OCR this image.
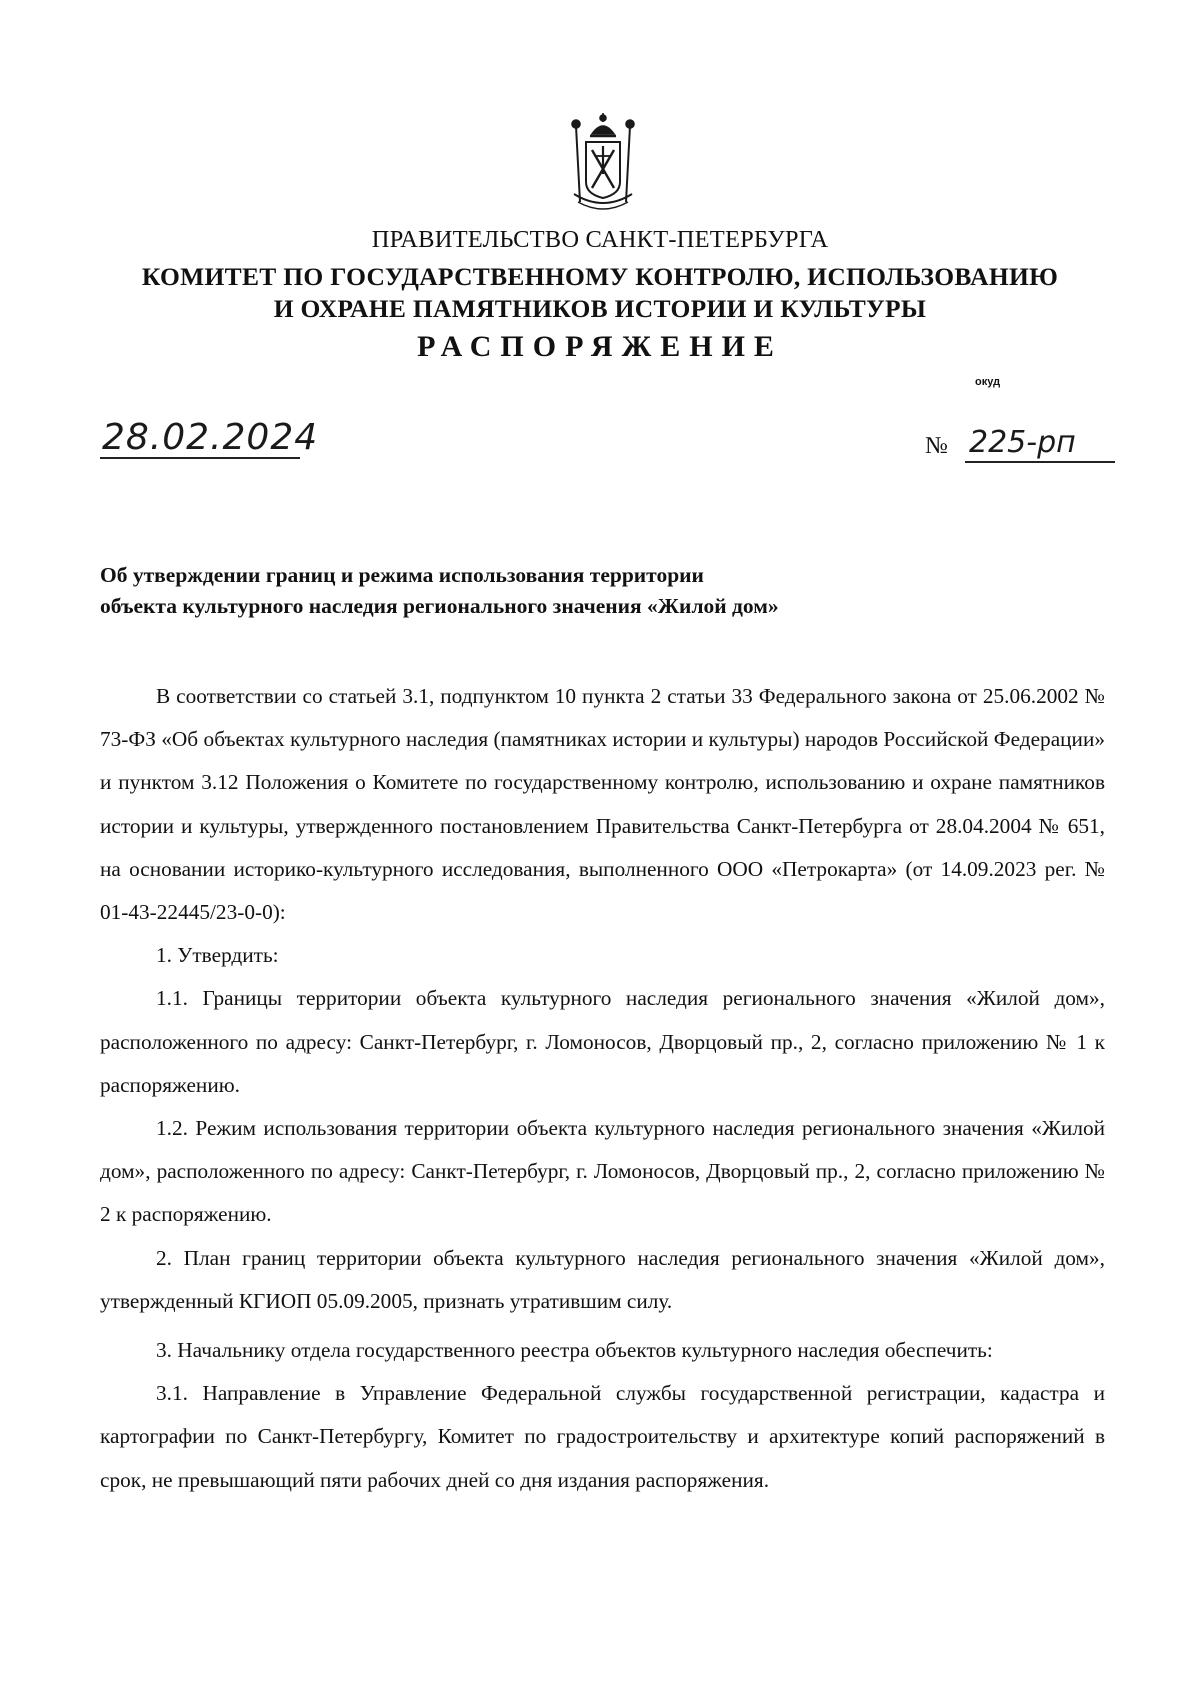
ПРАВИТЕЛЬСТВО САНКТ-ПЕТЕРБУРГА
КОМИТЕТ ПО ГОСУДАРСТВЕННОМУ КОНТРОЛЮ, ИСПОЛЬЗОВАНИЮ
И ОХРАНЕ ПАМЯТНИКОВ ИСТОРИИ И КУЛЬТУРЫ
РАСПОРЯЖЕНИЕ
окуд
28.02.2024	№ 225-рп
Об утверждении границ и режима использования территории
объекта культурного наследия регионального значения «Жилой дом»

В соответствии со статьей 3.1, подпунктом 10 пункта 2 статьи 33 Федерального закона от 25.06.2002 № 73-ФЗ «Об объектах культурного наследия (памятниках истории и культуры) народов Российской Федерации» и пунктом 3.12 Положения о Комитете по государственному контролю, использованию и охране памятников истории и культуры, утвержденного постановлением Правительства Санкт-Петербурга от 28.04.2004 № 651, на основании историко-культурного исследования, выполненного ООО «Петрокарта» (от 14.09.2023 рег. № 01-43-22445/23-0-0):

1. Утвердить:

1.1. Границы территории объекта культурного наследия регионального значения «Жилой дом», расположенного по адресу: Санкт-Петербург, г. Ломоносов, Дворцовый пр., 2, согласно приложению № 1 к распоряжению.

1.2. Режим использования территории объекта культурного наследия регионального значения «Жилой дом», расположенного по адресу: Санкт-Петербург, г. Ломоносов, Дворцовый пр., 2, согласно приложению № 2 к распоряжению.

2. План границ территории объекта культурного наследия регионального значения «Жилой дом», утвержденный КГИОП 05.09.2005, признать утратившим силу.

3. Начальнику отдела государственного реестра объектов культурного наследия обеспечить:

3.1. Направление в Управление Федеральной службы государственной регистрации, кадастра и картографии по Санкт-Петербургу, Комитет по градостроительству и архитектуре копий распоряжений в срок, не превышающий пяти рабочих дней со дня издания распоряжения.
